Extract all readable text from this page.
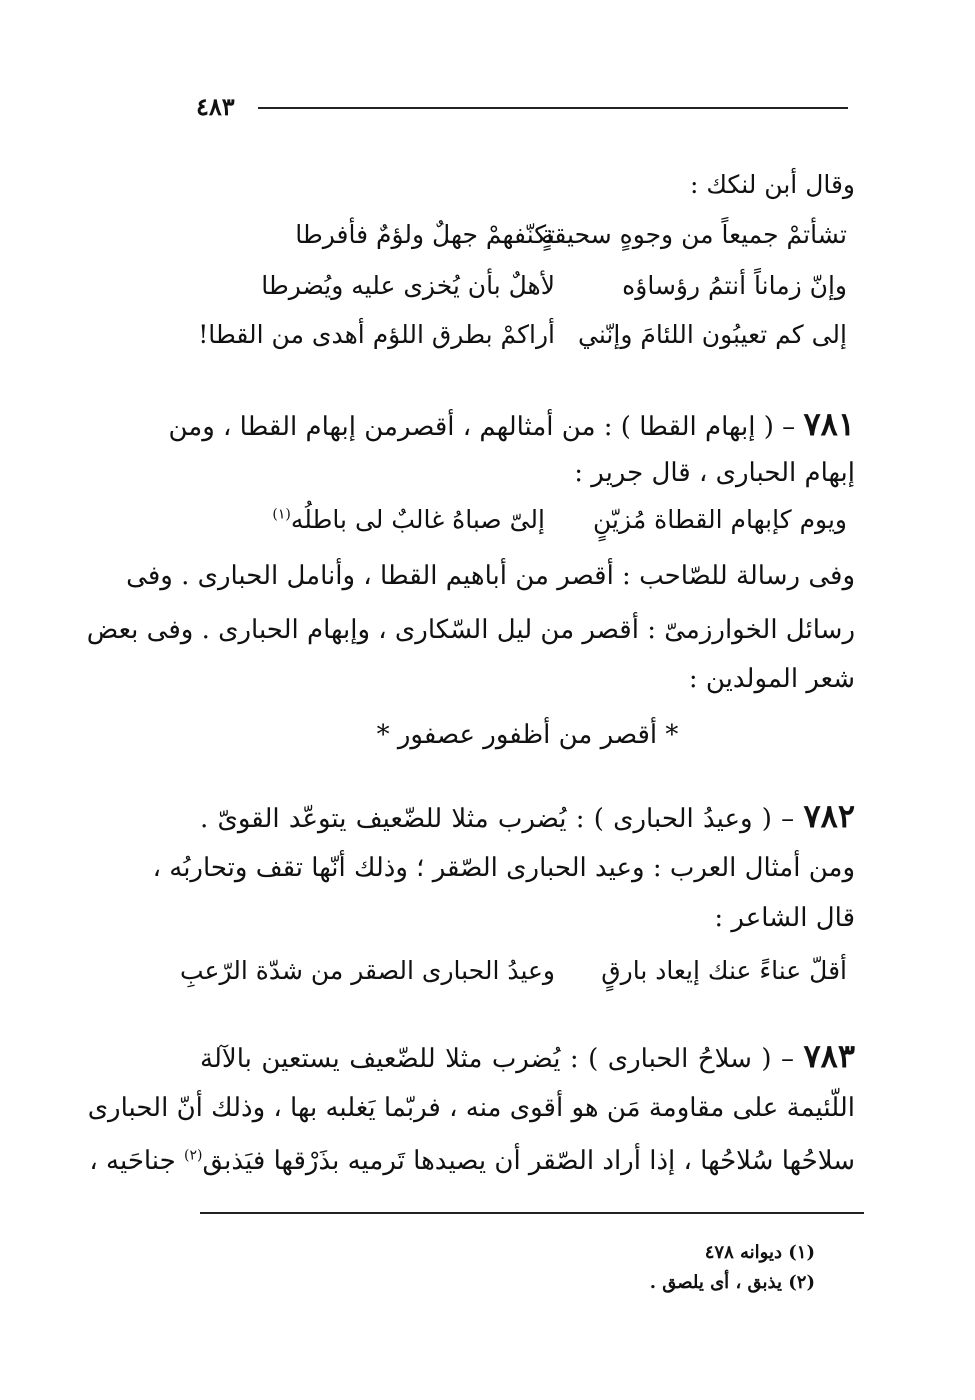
٤٨٣
وقال أبن لنكك :
تشأتمْ جميعاً من وجوهٍ سحيقةٍ
تكنّفهمْ جهلٌ ولؤمٌ فأفرطا
وإنّ زماناً أنتمُ رؤساؤه
لأهلٌ بأن يُخزى عليه ويُضرطا
إلى كم تعيبُون اللئامَ وإنّني
أراكمْ بطرق اللؤم أهدى من القطا!
٧٨١ – ( إبهام القطا ) : من أمثالهم ، أقصرمن إبهام القطا ، ومن
إبهام الحبارى ، قال جرير :
ويوم كإبهام القطاة مُزيّنٍ
إلىّ صباهُ غالبٌ لى باطلُه$^{(١)}$
وفى رسالة للصّاحب : أقصر من أباهيم القطا ، وأنامل الحبارى . وفى
رسائل الخوارزمىّ : أقصر من ليل السّكارى ، وإبهام الحبارى . وفى بعض
شعر المولدين :
* أقصر من أظفور عصفور *
٧٨٢ – ( وعيدُ الحبارى ) : يُضرب مثلا للضّعيف يتوعّد القوىّ .
ومن أمثال العرب : وعيد الحبارى الصّقر ؛ وذلك أنّها تقف وتحاربُه ،
قال الشاعر :
أقلّ عناءً عنك إيعاد بارقٍ
وعيدُ الحبارى الصقر من شدّة الرّعبِ
٧٨٣ – ( سلاحُ الحبارى ) : يُضرب مثلا للضّعيف يستعين بالآلة
اللّئيمة على مقاومة مَن هو أقوى منه ، فربّما يَغلبه بها ، وذلك أنّ الحبارى
سلاحُها سُلاحُها ، إذا أراد الصّقر أن يصيدها تَرميه بذَرْقها فيَذبق$^{(٢)}$ جناحَيه ،
(١) ديوانه ٤٧٨
(٢) يذبق ، أى يلصق .
